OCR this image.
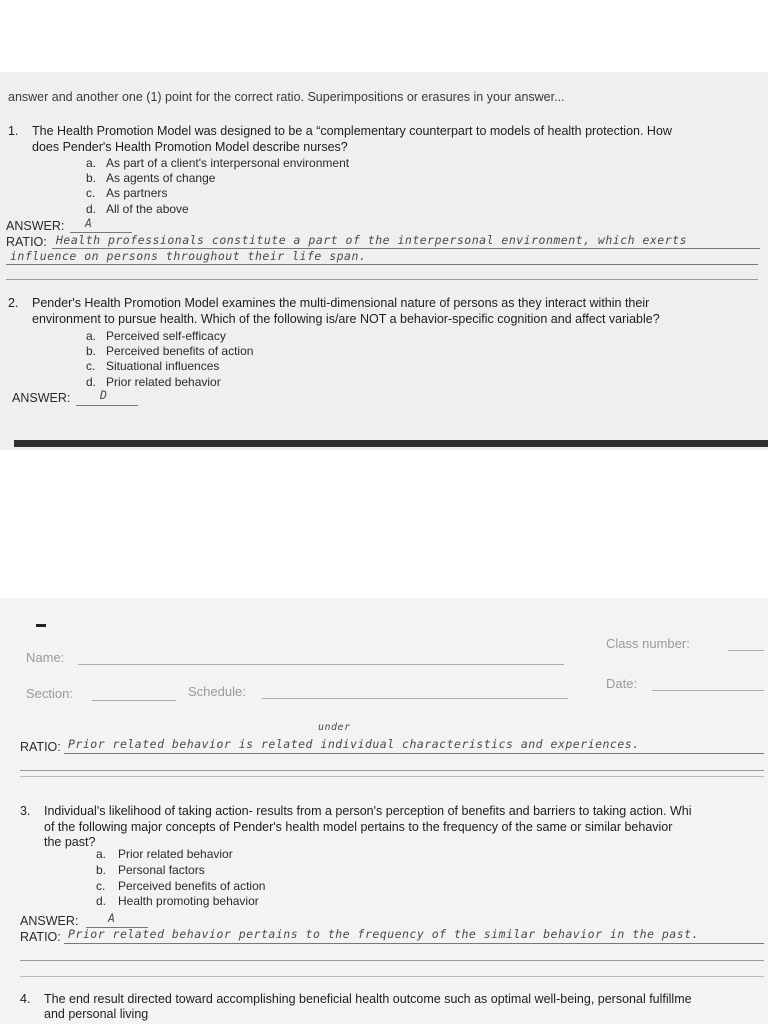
answer and another one (1) point for the correct ratio. Superimpositions or erasures in your answer...
1. The Health Promotion Model was designed to be a “complementary counterpart to models of health protection. How
does Pender's Health Promotion Model describe nurses?
a. As part of a client's interpersonal environment
b. As agents of change
c. As partners
d. All of the above
ANSWER: A
RATIO: Health professionals constitute a part of the interpersonal environment, which exerts
influence on persons throughout their life span.
2. Pender's Health Promotion Model examines the multi-dimensional nature of persons as they interact within their
environment to pursue health. Which of the following is/are NOT a behavior-specific cognition and affect variable?
a. Perceived self-efficacy
b. Perceived benefits of action
c. Situational influences
d. Prior related behavior
ANSWER:	D
Name:
Class number:
Section:	Schedule:
Date:
under
RATIO: Prior related behavior is related individual characteristics and experiences.
3. Individual's likelihood of taking action- results from a person's perception of benefits and barriers to taking action. Whi
of the following major concepts of Pender's health model pertains to the frequency of the same or similar behavior
the past?
a. Prior related behavior
b. Personal factors
c. Perceived benefits of action
d. Health promoting behavior
ANSWER:	A
RATIO: Prior related behavior pertains to the frequency of the similar behavior in the past.
4. The end result directed toward accomplishing beneficial health outcome such as optimal well-being, personal fulfillme
and personal living
